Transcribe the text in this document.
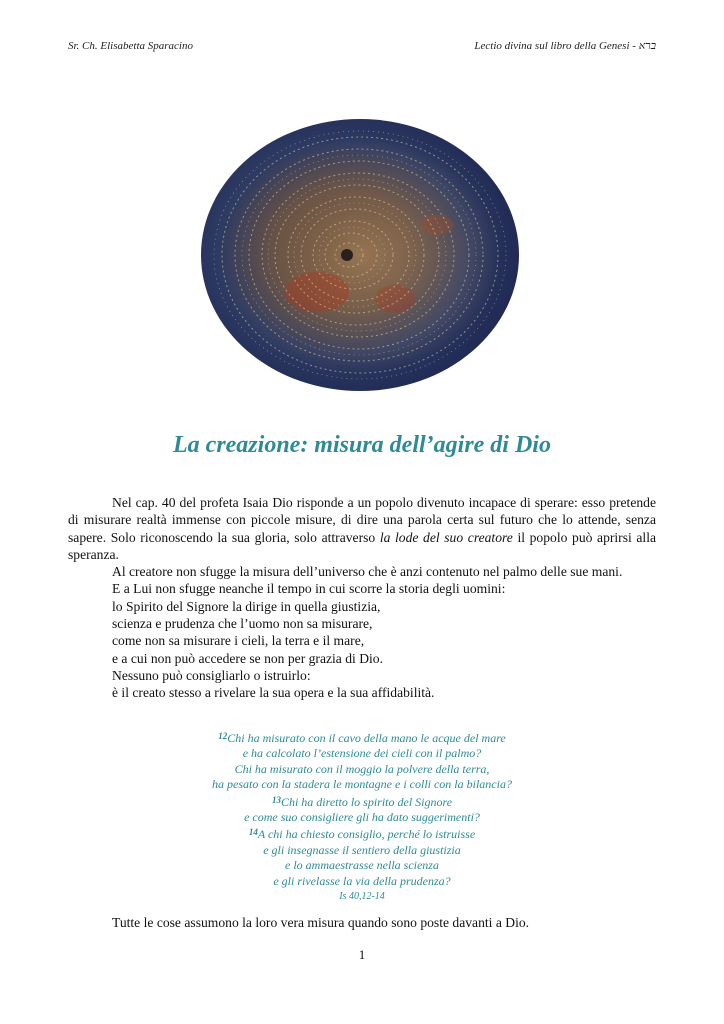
Sr. Ch. Elisabetta Sparacino	Lectio divina sul libro della Genesi - ברא
La creazione: misura dell’agire di Dio

Nel cap. 40 del profeta Isaia Dio risponde a un popolo divenuto incapace di sperare: esso pretende di misurare realtà immense con piccole misure, di dire una parola certa sul futuro che lo attende, senza sapere. Solo riconoscendo la sua gloria, solo attraverso la lode del suo creatore il popolo può aprirsi alla speranza.

Al creatore non sfugge la misura dell’universo che è anzi contenuto nel palmo delle sue mani.

E a Lui non sfugge neanche il tempo in cui scorre la storia degli uomini:

lo Spirito del Signore la dirige in quella giustizia,

scienza e prudenza che l’uomo non sa misurare,

come non sa misurare i cieli, la terra e il mare,

e a cui non può accedere se non per grazia di Dio.

Nessuno può consigliarlo o istruirlo:

è il creato stesso a rivelare la sua opera e la sua affidabilità.

$^{12}$Chi ha misurato con il cavo della mano le acque del mare
e ha calcolato l’estensione dei cieli con il palmo?
Chi ha misurato con il moggio la polvere della terra,
ha pesato con la stadera le montagne e i colli con la bilancia?
$^{13}$Chi ha diretto lo spirito del Signore
e come suo consigliere gli ha dato suggerimenti?
$^{14}$A chi ha chiesto consiglio, perché lo istruisse
e gli insegnasse il sentiero della giustizia
e lo ammaestrasse nella scienza
e gli rivelasse la via della prudenza?
Is 40,12-14
Tutte le cose assumono la loro vera misura quando sono poste davanti a Dio.
1
